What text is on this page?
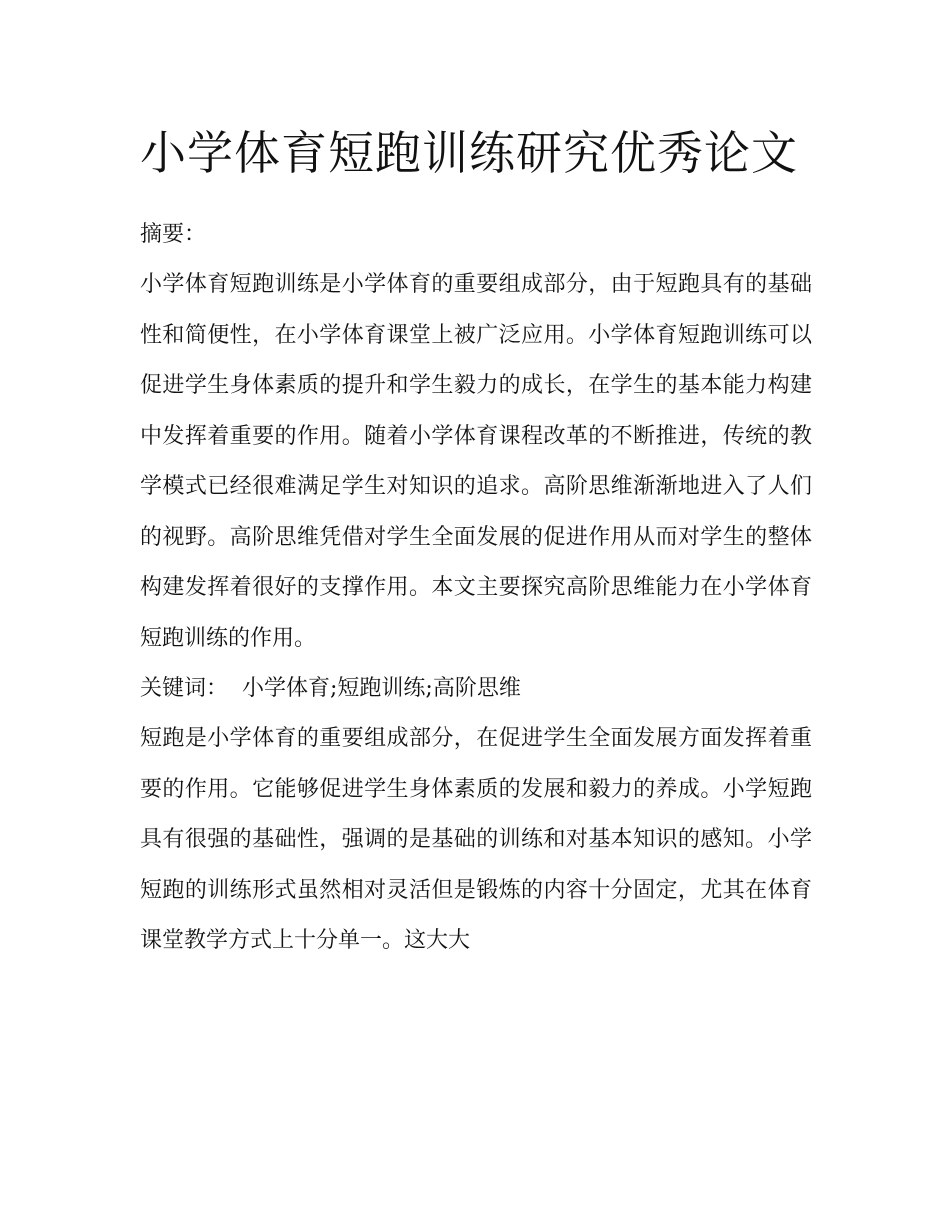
小学体育短跑训练研究优秀论文
摘要：

小学体育短跑训练是小学体育的重要组成部分，由于短跑具有的基础性和简便性，在小学体育课堂上被广泛应用。小学体育短跑训练可以促进学生身体素质的提升和学生毅力的成长，在学生的基本能力构建中发挥着重要的作用。随着小学体育课程改革的不断推进，传统的教学模式已经很难满足学生对知识的追求。高阶思维渐渐地进入了人们的视野。高阶思维凭借对学生全面发展的促进作用从而对学生的整体构建发挥着很好的支撑作用。本文主要探究高阶思维能力在小学体育短跑训练的作用。

关键词： 小学体育;短跑训练;高阶思维

短跑是小学体育的重要组成部分，在促进学生全面发展方面发挥着重要的作用。它能够促进学生身体素质的发展和毅力的养成。小学短跑具有很强的基础性，强调的是基础的训练和对基本知识的感知。小学短跑的训练形式虽然相对灵活但是锻炼的内容十分固定，尤其在体育课堂教学方式上十分单一。这大大
